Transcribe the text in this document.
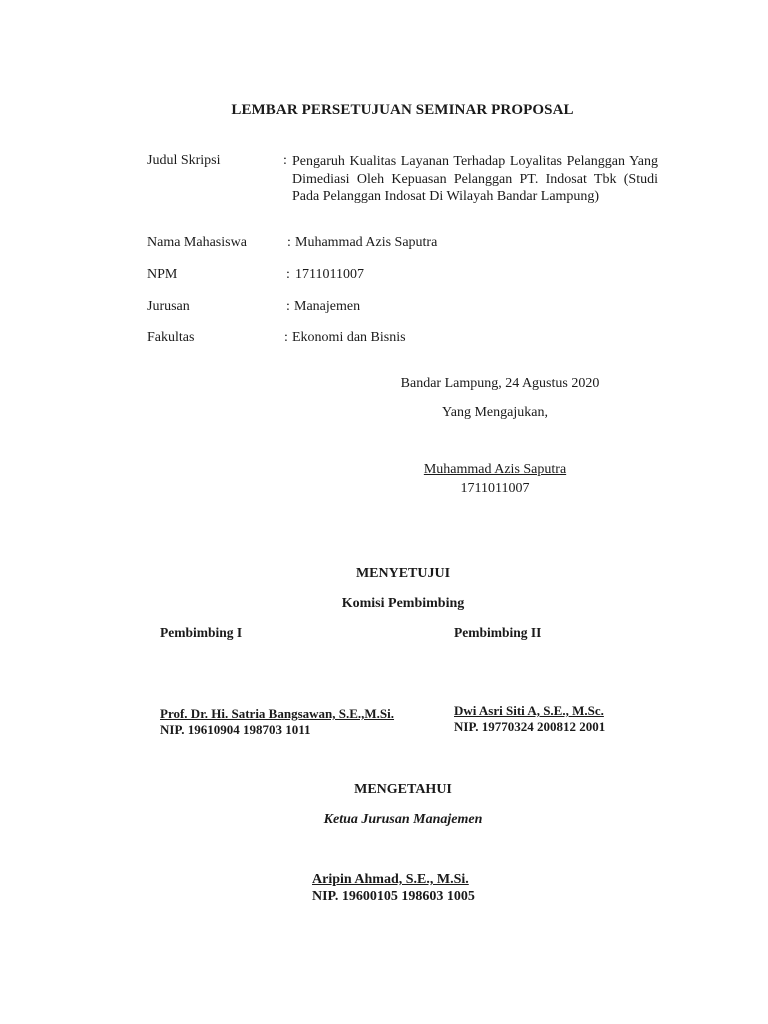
LEMBAR PERSETUJUAN SEMINAR PROPOSAL
Judul Skripsi	: Pengaruh Kualitas Layanan Terhadap Loyalitas Pelanggan Yang Dimediasi Oleh Kepuasan Pelanggan PT. Indosat Tbk (Studi Pada Pelanggan Indosat Di Wilayah Bandar Lampung)
Nama Mahasiswa	: Muhammad Azis Saputra
NPM	: 1711011007
Jurusan	: Manajemen
Fakultas	: Ekonomi dan Bisnis
Bandar Lampung, 24 Agustus 2020
Yang Mengajukan,
Muhammad Azis Saputra
1711011007
MENYETUJUI
Komisi Pembimbing
Pembimbing I	Pembimbing II
Prof. Dr. Hi. Satria Bangsawan, S.E.,M.Si.
NIP. 19610904 198703 1011
Dwi Asri Siti A, S.E., M.Sc.
NIP. 19770324 200812 2001
MENGETAHUI
Ketua Jurusan Manajemen
Aripin Ahmad, S.E., M.Si.
NIP. 19600105 198603 1005
